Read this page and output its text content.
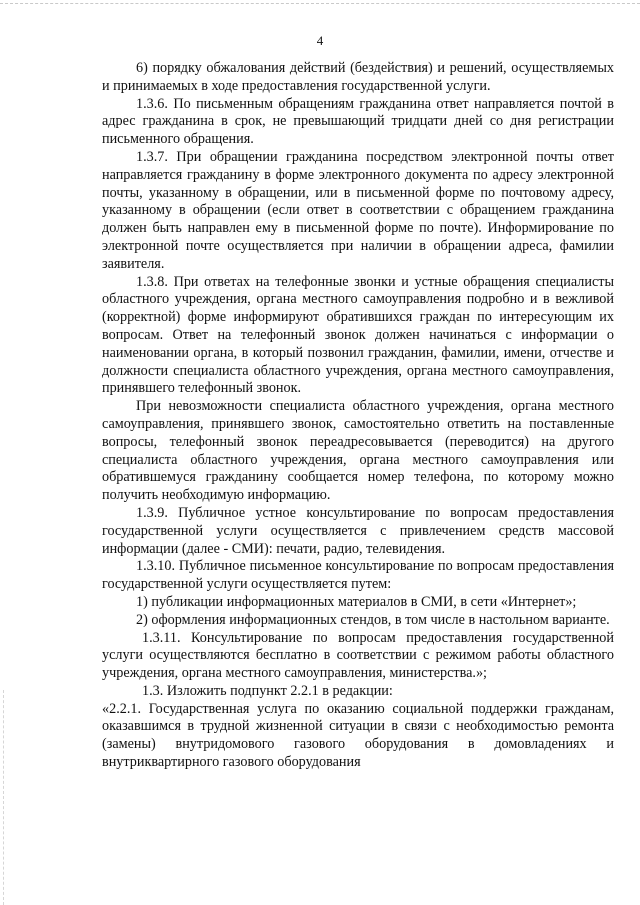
4

6) порядку обжалования действий (бездействия) и решений, осуществляемых и принимаемых в ходе предоставления государственной услуги.

1.3.6. По письменным обращениям гражданина ответ направляется почтой в адрес гражданина в срок, не превышающий тридцати дней со дня регистрации письменного обращения.

1.3.7. При обращении гражданина посредством электронной почты ответ направляется гражданину в форме электронного документа по адресу электронной почты, указанному в обращении, или в письменной форме по почтовому адресу, указанному в обращении (если ответ в соответствии с обращением гражданина должен быть направлен ему в письменной форме по почте). Информирование по электронной почте осуществляется при наличии в обращении адреса, фамилии заявителя.

1.3.8. При ответах на телефонные звонки и устные обращения специалисты областного учреждения, органа местного самоуправления подробно и в вежливой (корректной) форме информируют обратившихся граждан по интересующим их вопросам. Ответ на телефонный звонок должен начинаться с информации о наименовании органа, в который позвонил гражданин, фамилии, имени, отчестве и должности специалиста областного учреждения, органа местного самоуправления, принявшего телефонный звонок.

При невозможности специалиста областного учреждения, органа местного самоуправления, принявшего звонок, самостоятельно ответить на поставленные вопросы, телефонный звонок переадресовывается (переводится) на другого специалиста областного учреждения, органа местного самоуправления или обратившемуся гражданину сообщается номер телефона, по которому можно получить необходимую информацию.

1.3.9. Публичное устное консультирование по вопросам предоставления государственной услуги осуществляется с привлечением средств массовой информации (далее - СМИ): печати, радио, телевидения.

1.3.10. Публичное письменное консультирование по вопросам предоставления государственной услуги осуществляется путем:

1) публикации информационных материалов в СМИ, в сети «Интернет»;

2) оформления информационных стендов, в том числе в настольном варианте.

1.3.11. Консультирование по вопросам предоставления государственной услуги осуществляются бесплатно в соответствии с режимом работы областного учреждения, органа местного самоуправления, министерства.»;

1.3. Изложить подпункт 2.2.1 в редакции:

«2.2.1. Государственная услуга по оказанию социальной поддержки гражданам, оказавшимся в трудной жизненной ситуации в связи с необходимостью ремонта (замены) внутридомового газового оборудования в домовладениях и внутриквартирного газового оборудования
